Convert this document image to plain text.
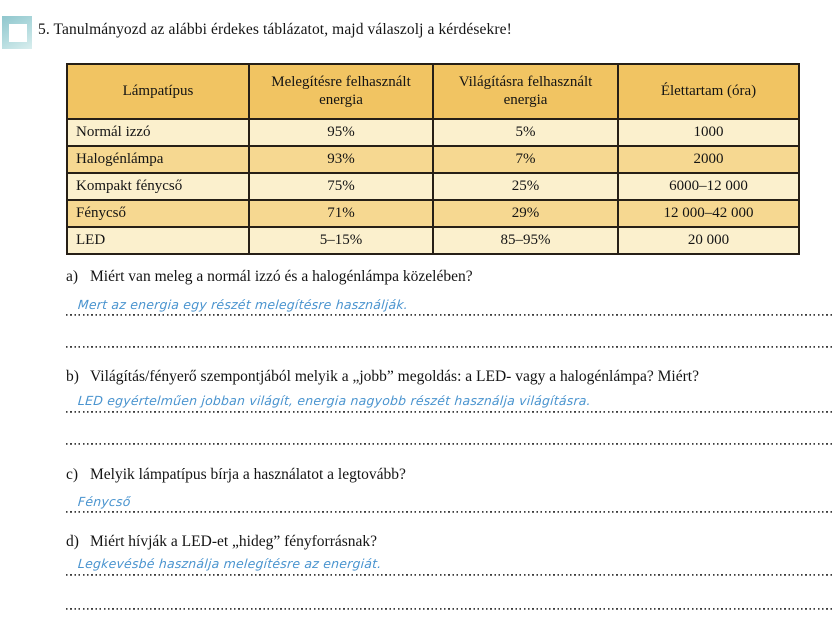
5. Tanulmányozd az alábbi érdekes táblázatot, majd válaszolj a kérdésekre!
Lámpatípus	Melegítésre felhasznált energia	Világításra felhasznált energia	Élettartam (óra)
Normál izzó	95%	5%	1000
Halogénlámpa	93%	7%	2000
Kompakt fénycső	75%	25%	6000–12 000
Fénycső	71%	29%	12 000–42 000
LED	5–15%	85–95%	20 000
a) Miért van meleg a normál izzó és a halogénlámpa közelében?
Mert az energia egy részét melegítésre használják.
b) Világítás/fényerő szempontjából melyik a „jobb” megoldás: a LED- vagy a halogénlámpa? Miért?
LED egyértelműen jobban világít, energia nagyobb részét használja világításra.
c) Melyik lámpatípus bírja a használatot a legtovább?
Fénycső
d) Miért hívják a LED-et „hideg” fényforrásnak?
Legkevésbé használja melegítésre az energiát.
